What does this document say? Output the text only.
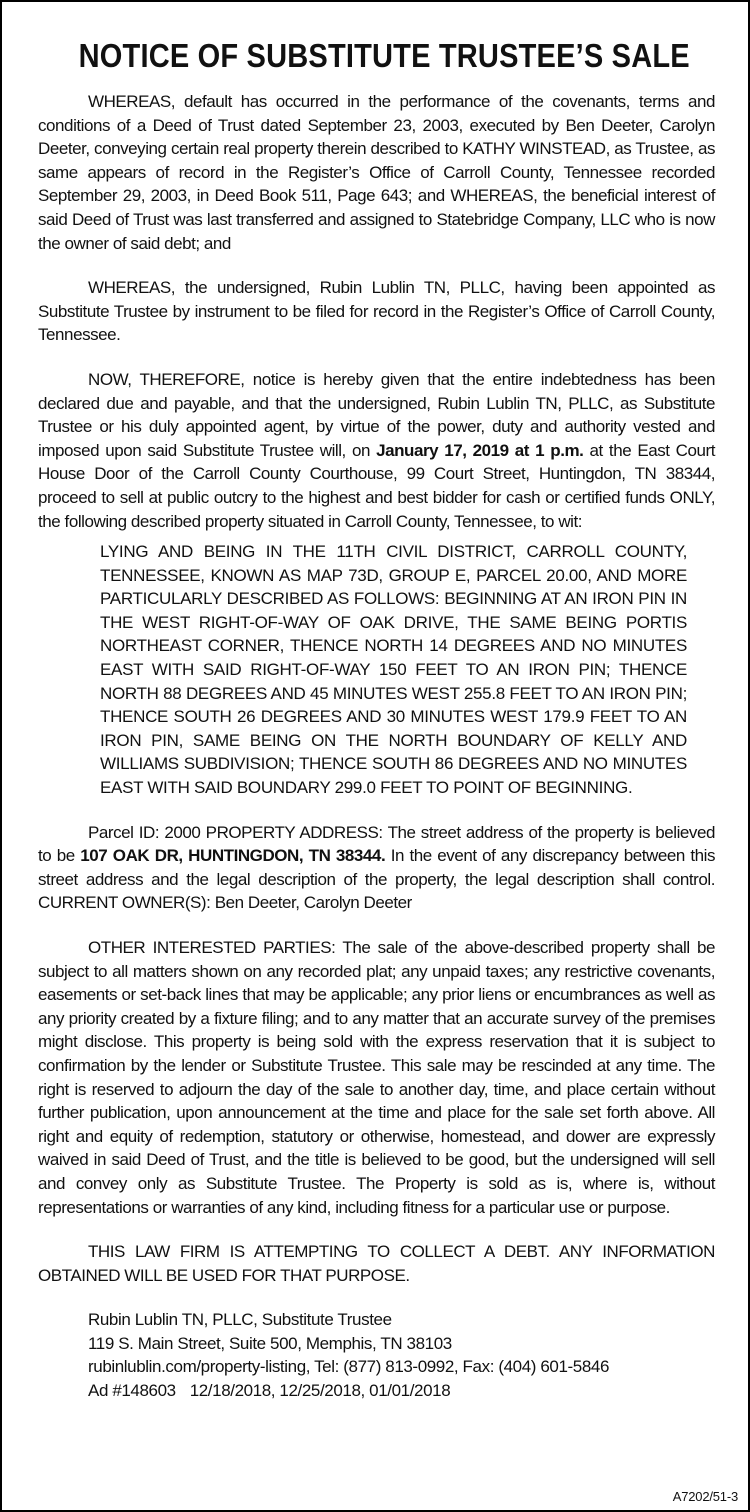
NOTICE OF SUBSTITUTE TRUSTEE’S SALE

WHEREAS, default has occurred in the performance of the covenants, terms and conditions of a Deed of Trust dated September 23, 2003, executed by Ben Deeter, Carolyn Deeter, conveying certain real property therein described to KATHY WINSTEAD, as Trustee, as same appears of record in the Register’s Office of Carroll County, Tennessee recorded September 29, 2003, in Deed Book 511, Page 643; and WHEREAS, the beneficial interest of said Deed of Trust was last transferred and assigned to Statebridge Company, LLC who is now the owner of said debt; and

WHEREAS, the undersigned, Rubin Lublin TN, PLLC, having been appointed as Substitute Trustee by instrument to be filed for record in the Register’s Office of Carroll County, Tennessee.

NOW, THEREFORE, notice is hereby given that the entire indebtedness has been declared due and payable, and that the undersigned, Rubin Lublin TN, PLLC, as Substitute Trustee or his duly appointed agent, by virtue of the power, duty and authority vested and imposed upon said Substitute Trustee will, on January 17, 2019 at 1 p.m. at the East Court House Door of the Carroll County Courthouse, 99 Court Street, Huntingdon, TN 38344, proceed to sell at public outcry to the highest and best bidder for cash or certified funds ONLY, the following described property situated in Carroll County, Tennessee, to wit:

LYING AND BEING IN THE 11TH CIVIL DISTRICT, CARROLL COUNTY, TENNESSEE, KNOWN AS MAP 73D, GROUP E, PARCEL 20.00, AND MORE PARTICULARLY DESCRIBED AS FOLLOWS: BEGINNING AT AN IRON PIN IN THE WEST RIGHT-OF-WAY OF OAK DRIVE, THE SAME BEING PORTIS NORTHEAST CORNER, THENCE NORTH 14 DEGREES AND NO MINUTES EAST WITH SAID RIGHT-OF-WAY 150 FEET TO AN IRON PIN; THENCE NORTH 88 DEGREES AND 45 MINUTES WEST 255.8 FEET TO AN IRON PIN; THENCE SOUTH 26 DEGREES AND 30 MINUTES WEST 179.9 FEET TO AN IRON PIN, SAME BEING ON THE NORTH BOUNDARY OF KELLY AND WILLIAMS SUBDIVISION; THENCE SOUTH 86 DEGREES AND NO MINUTES EAST WITH SAID BOUNDARY 299.0 FEET TO POINT OF BEGINNING.

Parcel ID: 2000 PROPERTY ADDRESS: The street address of the property is believed to be 107 OAK DR, HUNTINGDON, TN 38344. In the event of any discrepancy between this street address and the legal description of the property, the legal description shall control. CURRENT OWNER(S): Ben Deeter, Carolyn Deeter

OTHER INTERESTED PARTIES: The sale of the above-described property shall be subject to all matters shown on any recorded plat; any unpaid taxes; any restrictive covenants, easements or set-back lines that may be applicable; any prior liens or encumbrances as well as any priority created by a fixture filing; and to any matter that an accurate survey of the premises might disclose. This property is being sold with the express reservation that it is subject to confirmation by the lender or Substitute Trustee. This sale may be rescinded at any time. The right is reserved to adjourn the day of the sale to another day, time, and place certain without further publication, upon announcement at the time and place for the sale set forth above. All right and equity of redemption, statutory or otherwise, homestead, and dower are expressly waived in said Deed of Trust, and the title is believed to be good, but the undersigned will sell and convey only as Substitute Trustee. The Property is sold as is, where is, without representations or warranties of any kind, including fitness for a particular use or purpose.

THIS LAW FIRM IS ATTEMPTING TO COLLECT A DEBT. ANY INFORMATION OBTAINED WILL BE USED FOR THAT PURPOSE.

Rubin Lublin TN, PLLC, Substitute Trustee
119 S. Main Street, Suite 500, Memphis, TN 38103
rubinlublin.com/property-listing, Tel: (877) 813-0992, Fax: (404) 601-5846
Ad #148603 12/18/2018, 12/25/2018, 01/01/2018
A7202/51-3
